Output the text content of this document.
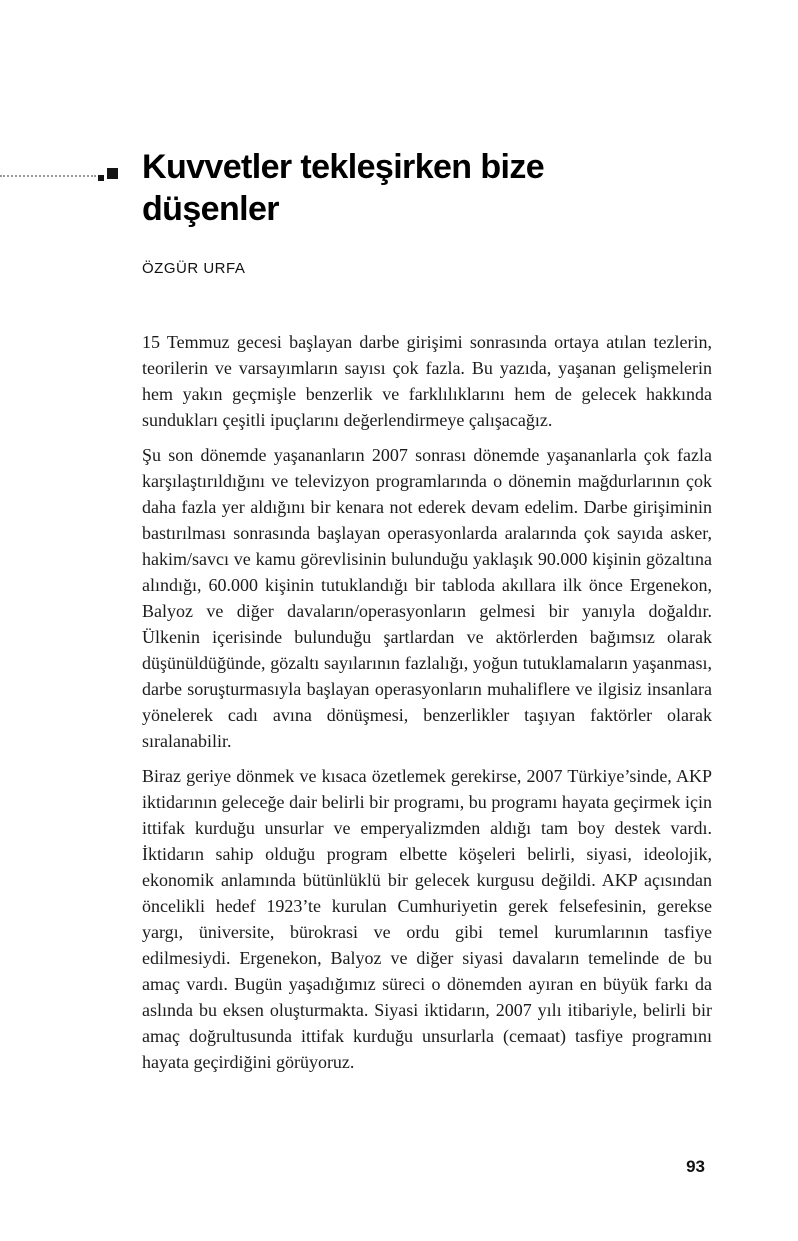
Kuvvetler tekleşirken bize
düşenler
ÖZGÜR URFA

15 Temmuz gecesi başlayan darbe girişimi sonrasında ortaya atılan tezlerin, teorilerin ve varsayımların sayısı çok fazla. Bu yazıda, yaşanan gelişmelerin hem yakın geçmişle benzerlik ve farklılıklarını hem de gelecek hakkında sundukları çeşitli ipuçlarını değerlendirmeye çalışacağız.

Şu son dönemde yaşananların 2007 sonrası dönemde yaşananlarla çok fazla karşılaştırıldığını ve televizyon programlarında o dönemin mağdurlarının çok daha fazla yer aldığını bir kenara not ederek devam edelim. Darbe girişiminin bastırılması sonrasında başlayan operasyonlarda aralarında çok sayıda asker, hakim/savcı ve kamu görevlisinin bulunduğu yaklaşık 90.000 kişinin gözaltına alındığı, 60.000 kişinin tutuklandığı bir tabloda akıllara ilk önce Ergenekon, Balyoz ve diğer davaların/operasyonların gelmesi bir yanıyla doğaldır. Ülkenin içerisinde bulunduğu şartlardan ve aktörlerden bağımsız olarak düşünüldüğünde, gözaltı sayılarının fazlalığı, yoğun tutuklamaların yaşanması, darbe soruşturmasıyla başlayan operasyonların muhaliflere ve ilgisiz insanlara yönelerek cadı avına dönüşmesi, benzerlikler taşıyan faktörler olarak sıralanabilir.

Biraz geriye dönmek ve kısaca özetlemek gerekirse, 2007 Türkiye’sinde, AKP iktidarının geleceğe dair belirli bir programı, bu programı hayata geçirmek için ittifak kurduğu unsurlar ve emperyalizmden aldığı tam boy destek vardı. İktidarın sahip olduğu program elbette köşeleri belirli, siyasi, ideolojik, ekonomik anlamında bütünlüklü bir gelecek kurgusu değildi. AKP açısından öncelikli hedef 1923’te kurulan Cumhuriyetin gerek felsefesinin, gerekse yargı, üniversite, bürokrasi ve ordu gibi temel kurumlarının tasfiye edilmesiydi. Ergenekon, Balyoz ve diğer siyasi davaların temelinde de bu amaç vardı. Bugün yaşadığımız süreci o dönemden ayıran en büyük farkı da aslında bu eksen oluşturmakta. Siyasi iktidarın, 2007 yılı itibariyle, belirli bir amaç doğrultusunda ittifak kurduğu unsurlarla (cemaat) tasfiye programını hayata geçirdiğini görüyoruz.

93
